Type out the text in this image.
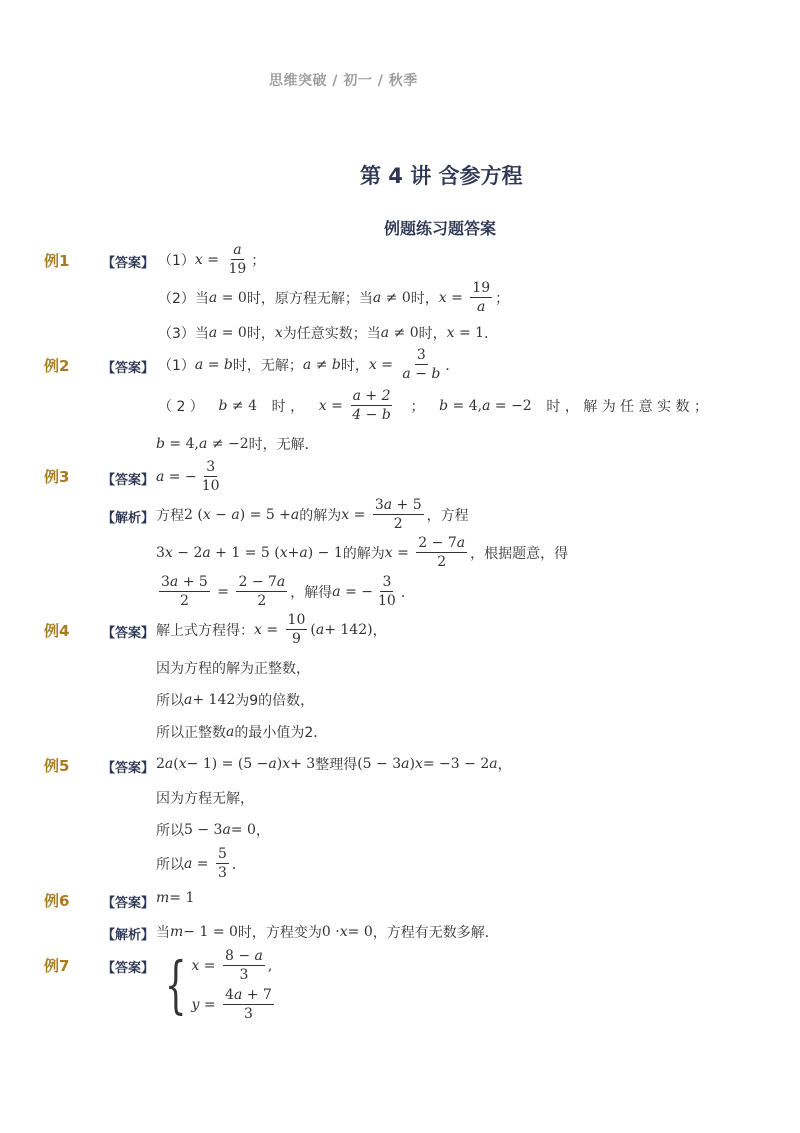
思维突破 / 初一 / 秋季
第 4 讲 含参方程
例题练习题答案
例1	【答案】 （1） $x = \frac{a}{19}$ ；
（2）当 a = 0 时，原方程无解；当 a ≠ 0 时， $x = \frac{19}{a}$ ；
（3）当 a = 0 时， x 为任意实数；当 a ≠ 0 时， x = 1 ．
例2	【答案】 （1） a = b 时，无解； a ≠ b 时， $x = \frac{3}{a - b}$ ．
（ 2 ） b ≠ 4 时 ， $x = \frac{a + 2}{4 - b}$ ； b = 4,a = −2 时 ， 解 为 任 意 实 数 ；
b = 4, a ≠ −2 时，无解．
例3	【答案】 a = − $\frac{3}{10}$
【解析】 方程 2 ( x − a ) = 5 + a 的解为 $x = \frac{3a + 5}{2}$ ，方程
3 x − 2 a + 1 = 5 ( x + a ) − 1 的解为 $x = \frac{2 - 7a}{2}$ ，根据题意，得
$\frac{3a + 5}{2} = \frac{2 - 7a}{2}$ ，解得 a = − $\frac{3}{10}$ ．
例4	【答案】 解上式方程得： $x = \frac{10}{9}$ ( a + 142) ，
因为方程的解为正整数，
所以 a + 142 为9的倍数，
所以正整数 a 的最小值为2．
例5	【答案】 2 a ( x − 1) = (5 − a ) x + 3 整理得 (5 − 3 a ) x = −3 − 2 a ，
因为方程无解，
所以 5 − 3 a = 0 ，
所以 $a = \frac{5}{3}$ ．
例6	【答案】 m = 1
【解析】 当 m − 1 = 0 时，方程变为 0 · x = 0 ，方程有无数多解．
例7	【答案】 { $x = \frac{8 - a}{3}$ ,
$y = \frac{4a + 7}{3}$
